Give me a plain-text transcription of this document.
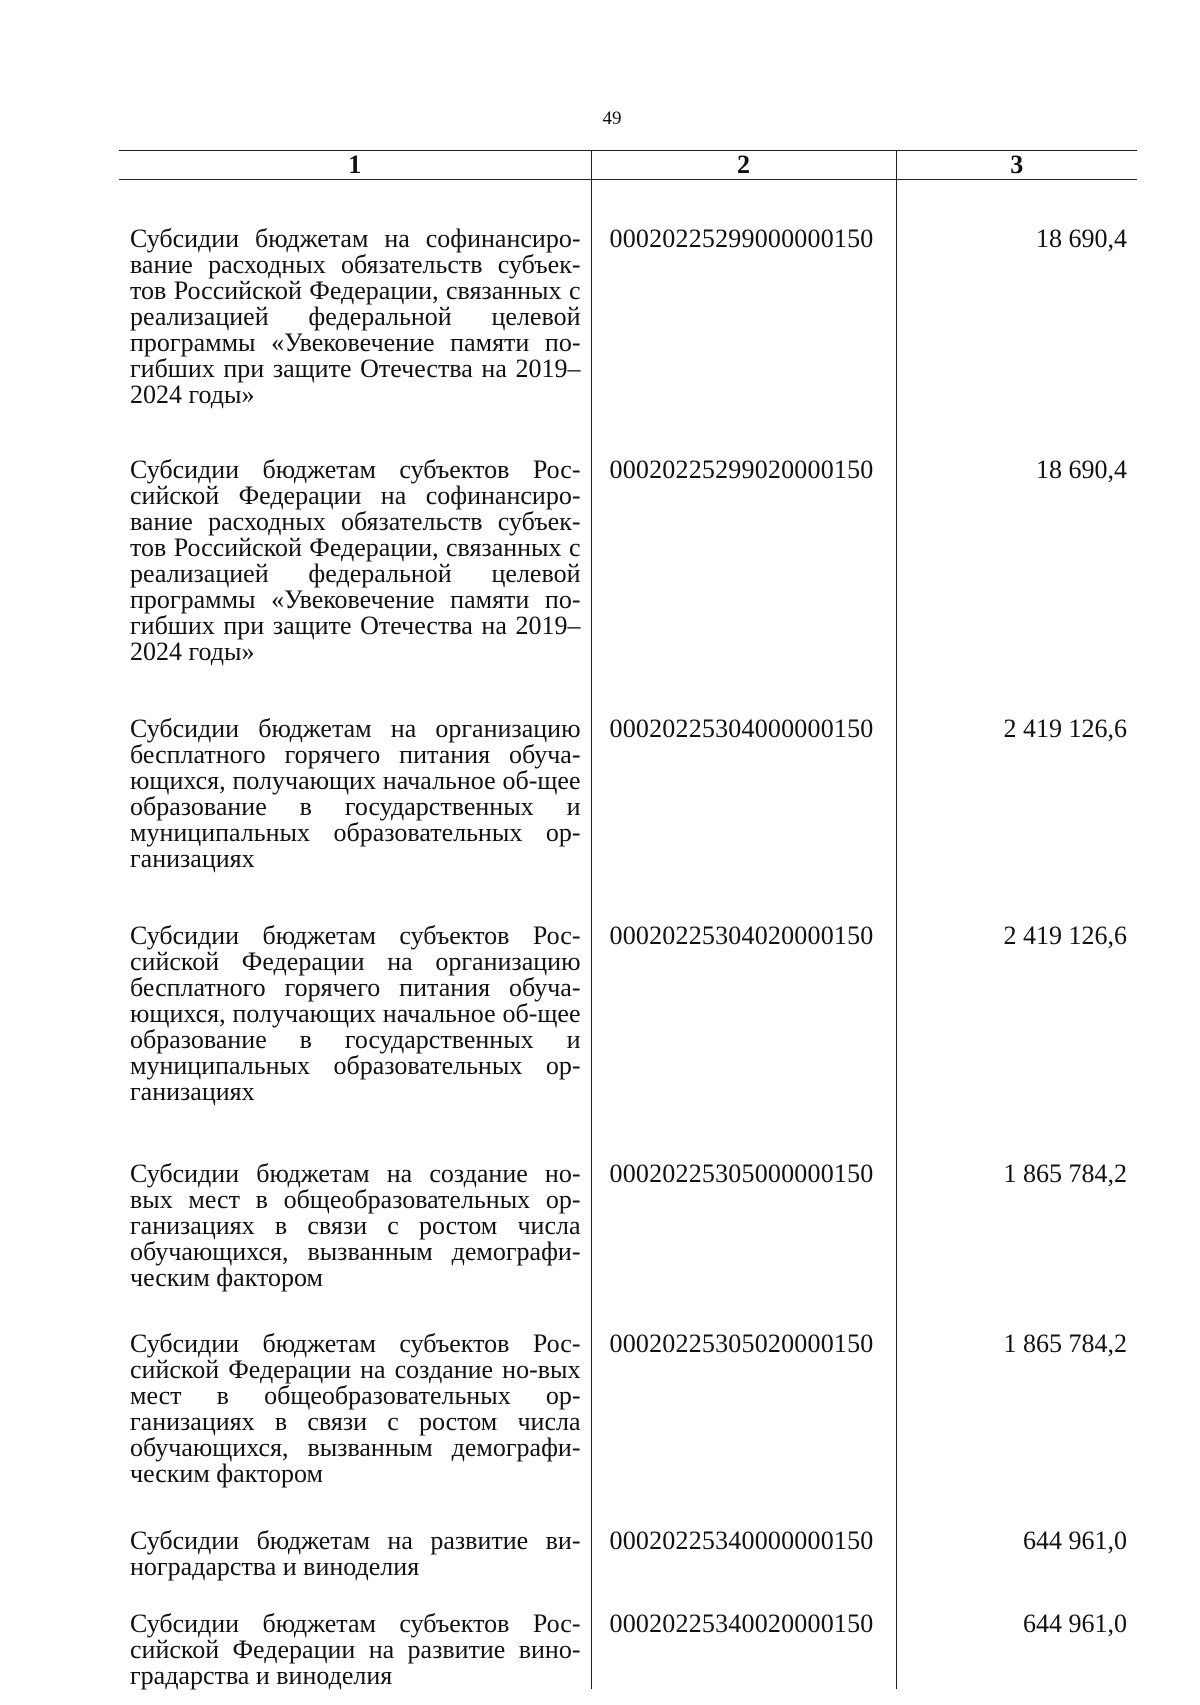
49
1	2	3
Субсидии бюджетам на софинансиро-вание расходных обязательств субъек-тов Российской Федерации, связанных с реализацией федеральной целевой программы «Увековечение памяти по-гибших при защите Отечества на 2019–2024 годы»	00020225299000000150	18 690,4
Субсидии бюджетам субъектов Рос-сийской Федерации на софинансиро-вание расходных обязательств субъек-тов Российской Федерации, связанных с реализацией федеральной целевой программы «Увековечение памяти по-гибших при защите Отечества на 2019–2024 годы»	00020225299020000150	18 690,4
Субсидии бюджетам на организацию бесплатного горячего питания обуча-ющихся, получающих начальное об-щее образование в государственных и муниципальных образовательных ор-ганизациях	00020225304000000150	2 419 126,6
Субсидии бюджетам субъектов Рос-сийской Федерации на организацию бесплатного горячего питания обуча-ющихся, получающих начальное об-щее образование в государственных и муниципальных образовательных ор-ганизациях	00020225304020000150	2 419 126,6
Субсидии бюджетам на создание но-вых мест в общеобразовательных ор-ганизациях в связи с ростом числа обучающихся, вызванным демографи-ческим фактором	00020225305000000150	1 865 784,2
Субсидии бюджетам субъектов Рос-сийской Федерации на создание но-вых мест в общеобразовательных ор-ганизациях в связи с ростом числа обучающихся, вызванным демографи-ческим фактором	00020225305020000150	1 865 784,2
Субсидии бюджетам на развитие ви-ноградарства и виноделия	00020225340000000150	644 961,0
Субсидии бюджетам субъектов Рос-сийской Федерации на развитие вино-градарства и виноделия	00020225340020000150	644 961,0
